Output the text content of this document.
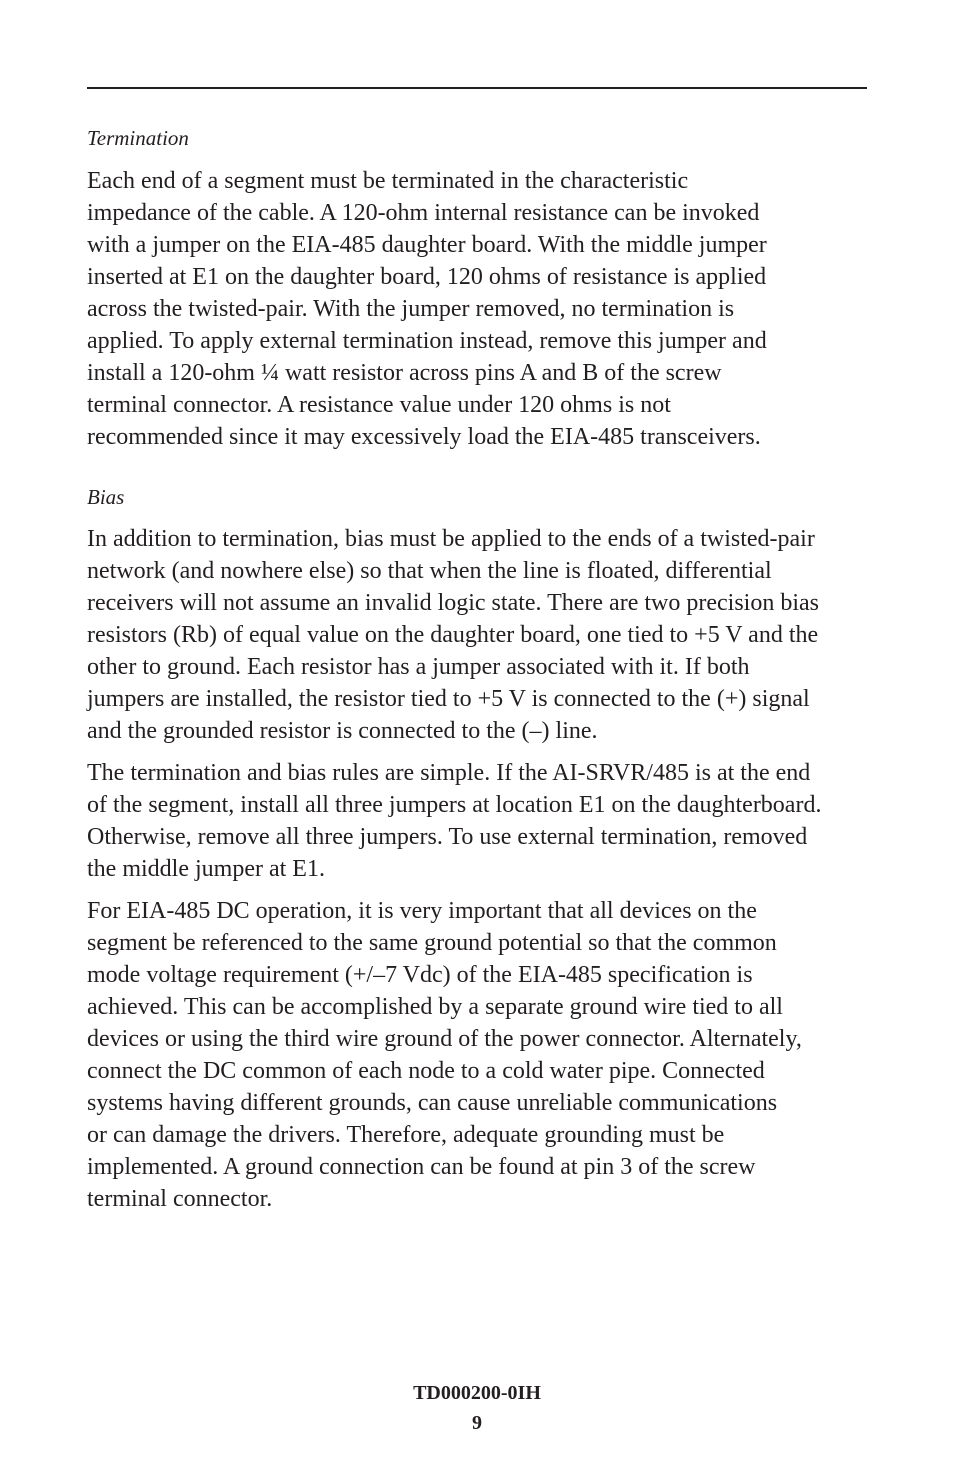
Termination
Each end of a segment must be terminated in the characteristic
impedance of the cable. A 120-ohm internal resistance can be invoked
with a jumper on the EIA-485 daughter board. With the middle jumper
inserted at E1 on the daughter board, 120 ohms of resistance is applied
across the twisted-pair. With the jumper removed, no termination is
applied. To apply external termination instead, remove this jumper and
install a 120-ohm ¼ watt resistor across pins A and B of the screw
terminal connector. A resistance value under 120 ohms is not
recommended since it may excessively load the EIA-485 transceivers.
Bias
In addition to termination, bias must be applied to the ends of a twisted-pair
network (and nowhere else) so that when the line is floated, differential
receivers will not assume an invalid logic state. There are two precision bias
resistors (Rb) of equal value on the daughter board, one tied to +5 V and the
other to ground. Each resistor has a jumper associated with it. If both
jumpers are installed, the resistor tied to +5 V is connected to the (+) signal
and the grounded resistor is connected to the (–) line.
The termination and bias rules are simple. If the AI-SRVR/485 is at the end
of the segment, install all three jumpers at location E1 on the daughterboard.
Otherwise, remove all three jumpers. To use external termination, removed
the middle jumper at E1.
For EIA-485 DC operation, it is very important that all devices on the
segment be referenced to the same ground potential so that the common
mode voltage requirement (+/–7 Vdc) of the EIA-485 specification is
achieved. This can be accomplished by a separate ground wire tied to all
devices or using the third wire ground of the power connector. Alternately,
connect the DC common of each node to a cold water pipe. Connected
systems having different grounds, can cause unreliable communications
or can damage the drivers. Therefore, adequate grounding must be
implemented. A ground connection can be found at pin 3 of the screw
terminal connector.
TD000200-0IH
9
